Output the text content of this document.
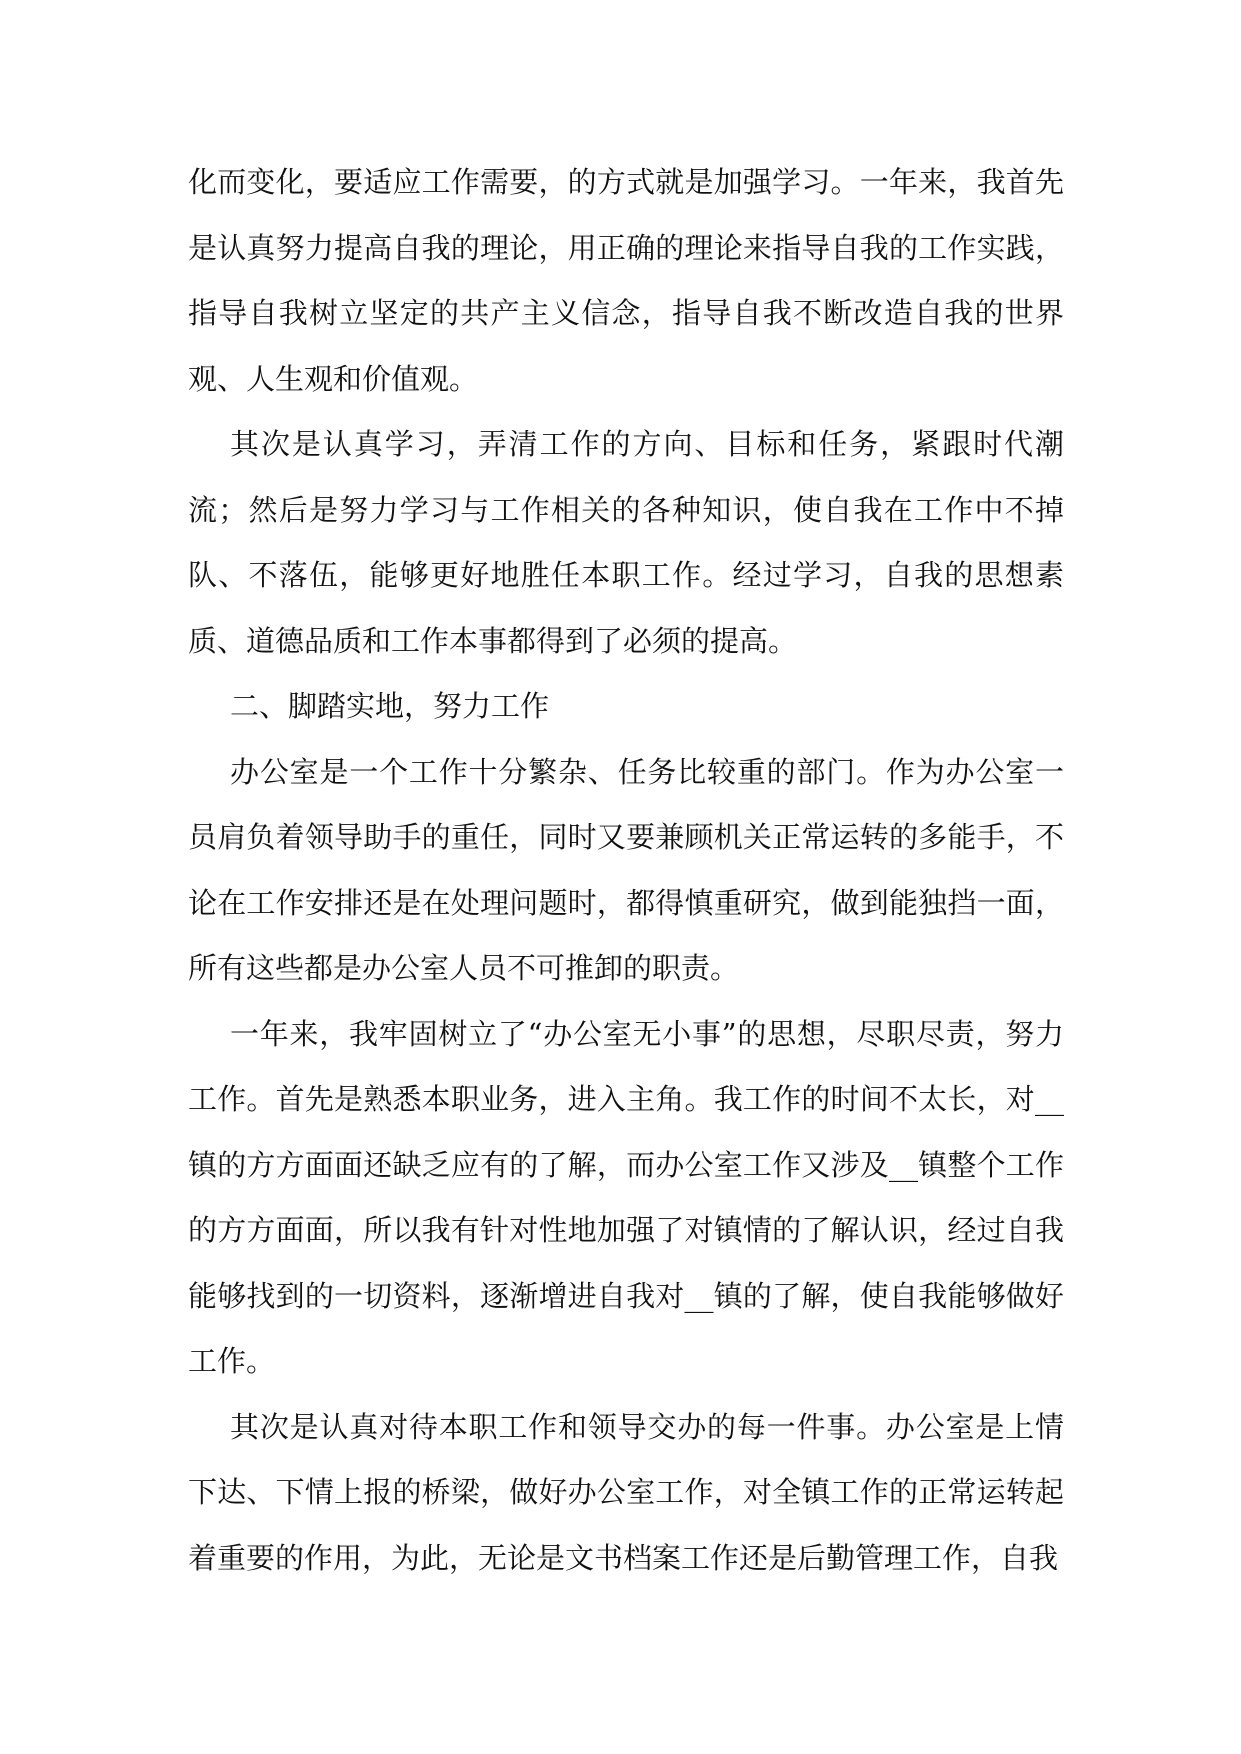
化而变化，要适应工作需要，的方式就是加强学习。一年来，我首先是认真努力提高自我的理论，用正确的理论来指导自我的工作实践，指导自我树立坚定的共产主义信念，指导自我不断改造自我的世界观、人生观和价值观。

其次是认真学习，弄清工作的方向、目标和任务，紧跟时代潮流；然后是努力学习与工作相关的各种知识，使自我在工作中不掉队、不落伍，能够更好地胜任本职工作。经过学习，自我的思想素质、道德品质和工作本事都得到了必须的提高。

二、脚踏实地，努力工作

办公室是一个工作十分繁杂、任务比较重的部门。作为办公室一员肩负着领导助手的重任，同时又要兼顾机关正常运转的多能手，不论在工作安排还是在处理问题时，都得慎重研究，做到能独挡一面，所有这些都是办公室人员不可推卸的职责。

一年来，我牢固树立了“办公室无小事”的思想，尽职尽责，努力工作。首先是熟悉本职业务，进入主角。我工作的时间不太长，对__镇的方方面面还缺乏应有的了解，而办公室工作又涉及__镇整个工作的方方面面，所以我有针对性地加强了对镇情的了解认识，经过自我能够找到的一切资料，逐渐增进自我对__镇的了解，使自我能够做好工作。

其次是认真对待本职工作和领导交办的每一件事。办公室是上情下达、下情上报的桥梁，做好办公室工作，对全镇工作的正常运转起着重要的作用，为此，无论是文书档案工作还是后勤管理工作，自我
